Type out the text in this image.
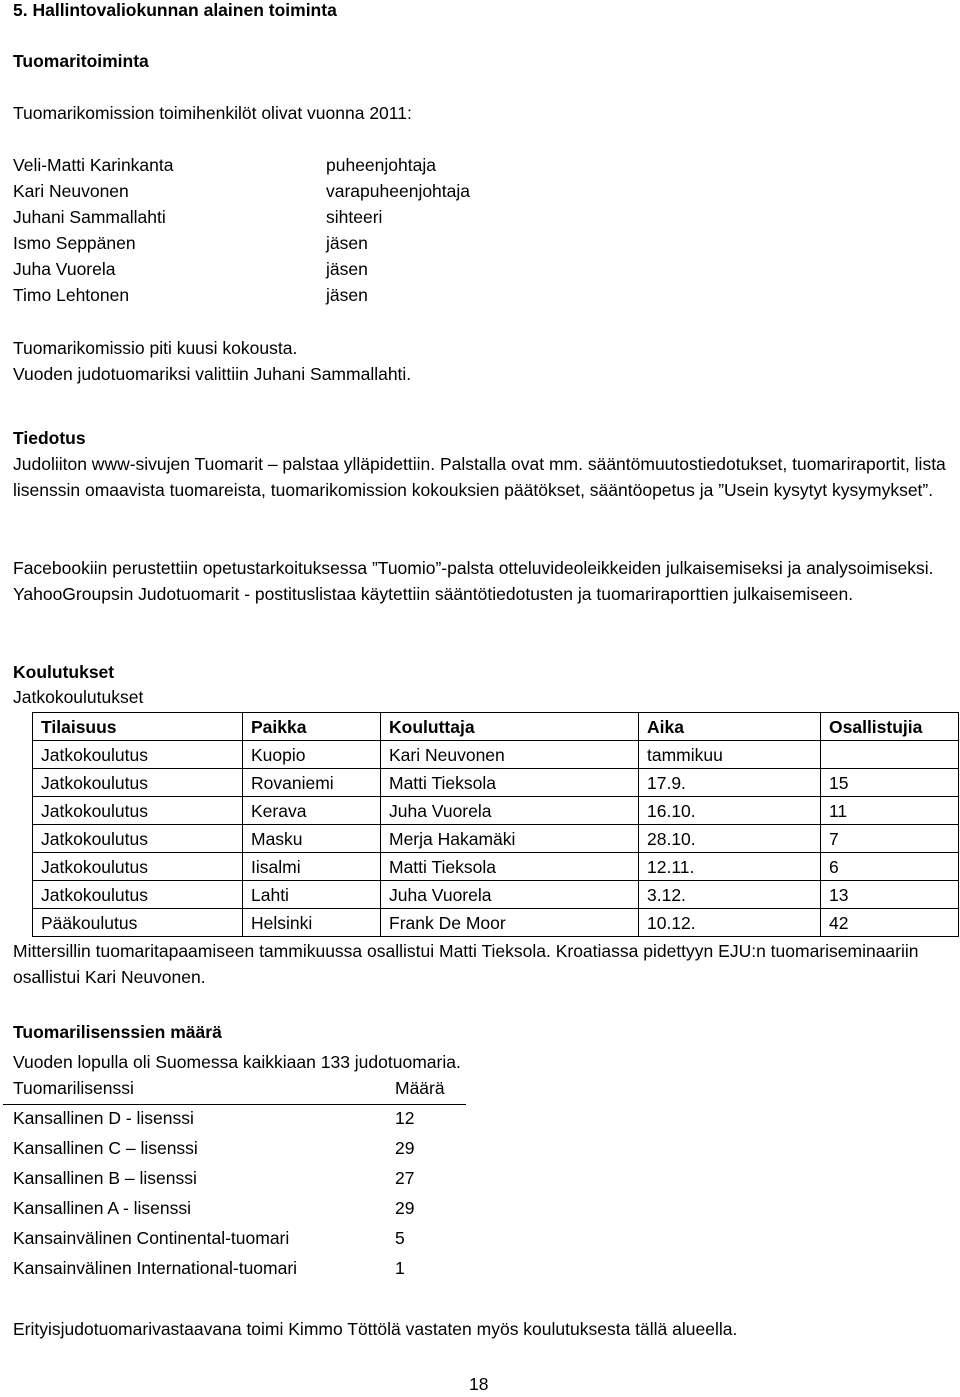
5. Hallintovaliokunnan alainen toiminta
Tuomaritoiminta
Tuomarikomission toimihenkilöt olivat vuonna 2011:
Veli-Matti Karinkanta	puheenjohtaja
Kari Neuvonen	varapuheenjohtaja
Juhani Sammallahti	sihteeri
Ismo Seppänen	jäsen
Juha Vuorela	jäsen
Timo Lehtonen	jäsen
Tuomarikomissio piti kuusi kokousta.
Vuoden judotuomariksi valittiin Juhani Sammallahti.
Tiedotus

Judoliiton www-sivujen Tuomarit – palstaa ylläpidettiin. Palstalla ovat mm. sääntömuutostiedotukset, tuomariraportit, lista lisenssin omaavista tuomareista, tuomarikomission kokouksien päätökset, sääntöopetus ja ”Usein kysytyt kysymykset”.

Facebookiin perustettiin opetustarkoituksessa ”Tuomio”-palsta otteluvideoleikkeiden julkaisemiseksi ja analysoimiseksi. YahooGroupsin Judotuomarit - postituslistaa käytettiin sääntötiedotusten ja tuomariraporttien julkaisemiseen.

Koulutukset
Jatkokoulutukset
Tilaisuus	Paikka	Kouluttaja	Aika	Osallistujia
Jatkokoulutus	Kuopio	Kari Neuvonen	tammikuu	
Jatkokoulutus	Rovaniemi	Matti Tieksola	17.9.	15
Jatkokoulutus	Kerava	Juha Vuorela	16.10.	11
Jatkokoulutus	Masku	Merja Hakamäki	28.10.	7
Jatkokoulutus	Iisalmi	Matti Tieksola	12.11.	6
Jatkokoulutus	Lahti	Juha Vuorela	3.12.	13
Pääkoulutus	Helsinki	Frank De Moor	10.12.	42

Mittersillin tuomaritapaamiseen tammikuussa osallistui Matti Tieksola. Kroatiassa pidettyyn EJU:n tuomariseminaariin osallistui Kari Neuvonen.

Tuomarilisenssien määrä
Vuoden lopulla oli Suomessa kaikkiaan 133 judotuomaria.
Tuomarilisenssi	Määrä
Kansallinen D - lisenssi	12
Kansallinen C – lisenssi	29
Kansallinen B – lisenssi	27
Kansallinen A - lisenssi	29
Kansainvälinen Continental-tuomari	5
Kansainvälinen International-tuomari	1
Erityisjudotuomarivastaavana toimi Kimmo Töttölä vastaten myös koulutuksesta tällä alueella.
18
